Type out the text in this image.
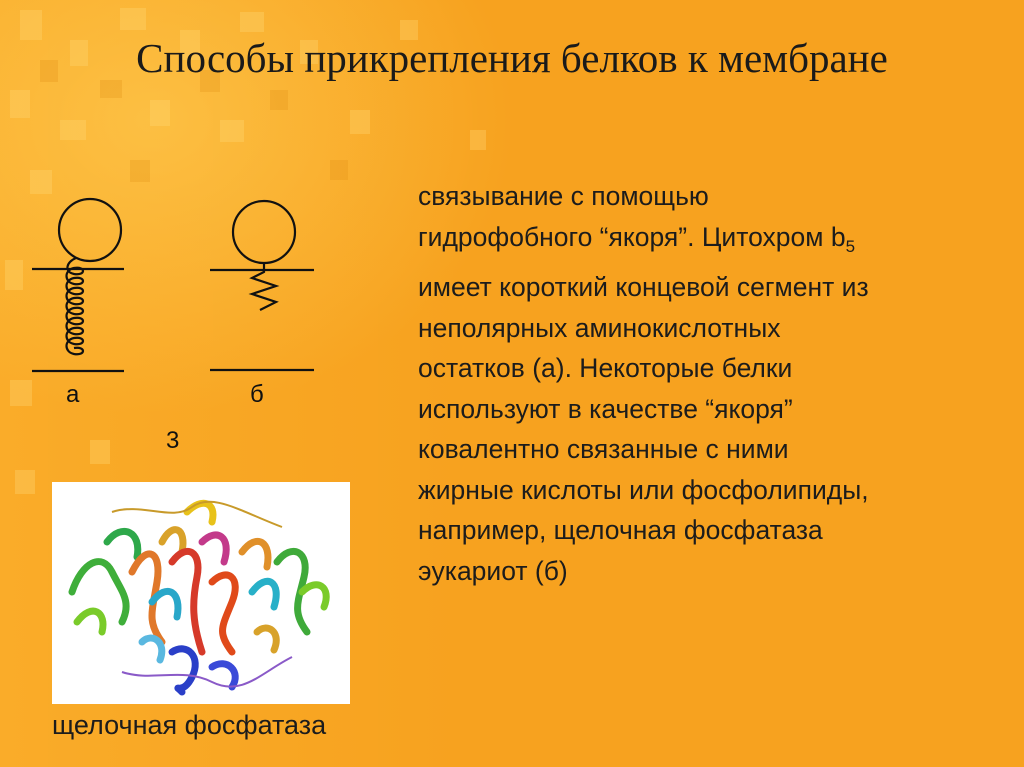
Способы прикрепления белков к мембране
а	б
3
связывание с помощью
гидрофобного “якоря”. Цитохром $b_5$
имеет короткий концевой сегмент из
неполярных аминокислотных
остатков (а). Некоторые белки
используют в качестве “якоря”
ковалентно связанные с ними
жирные кислоты или фосфолипиды,
например, щелочная фосфатаза
эукариот (б)
щелочная фосфатаза
